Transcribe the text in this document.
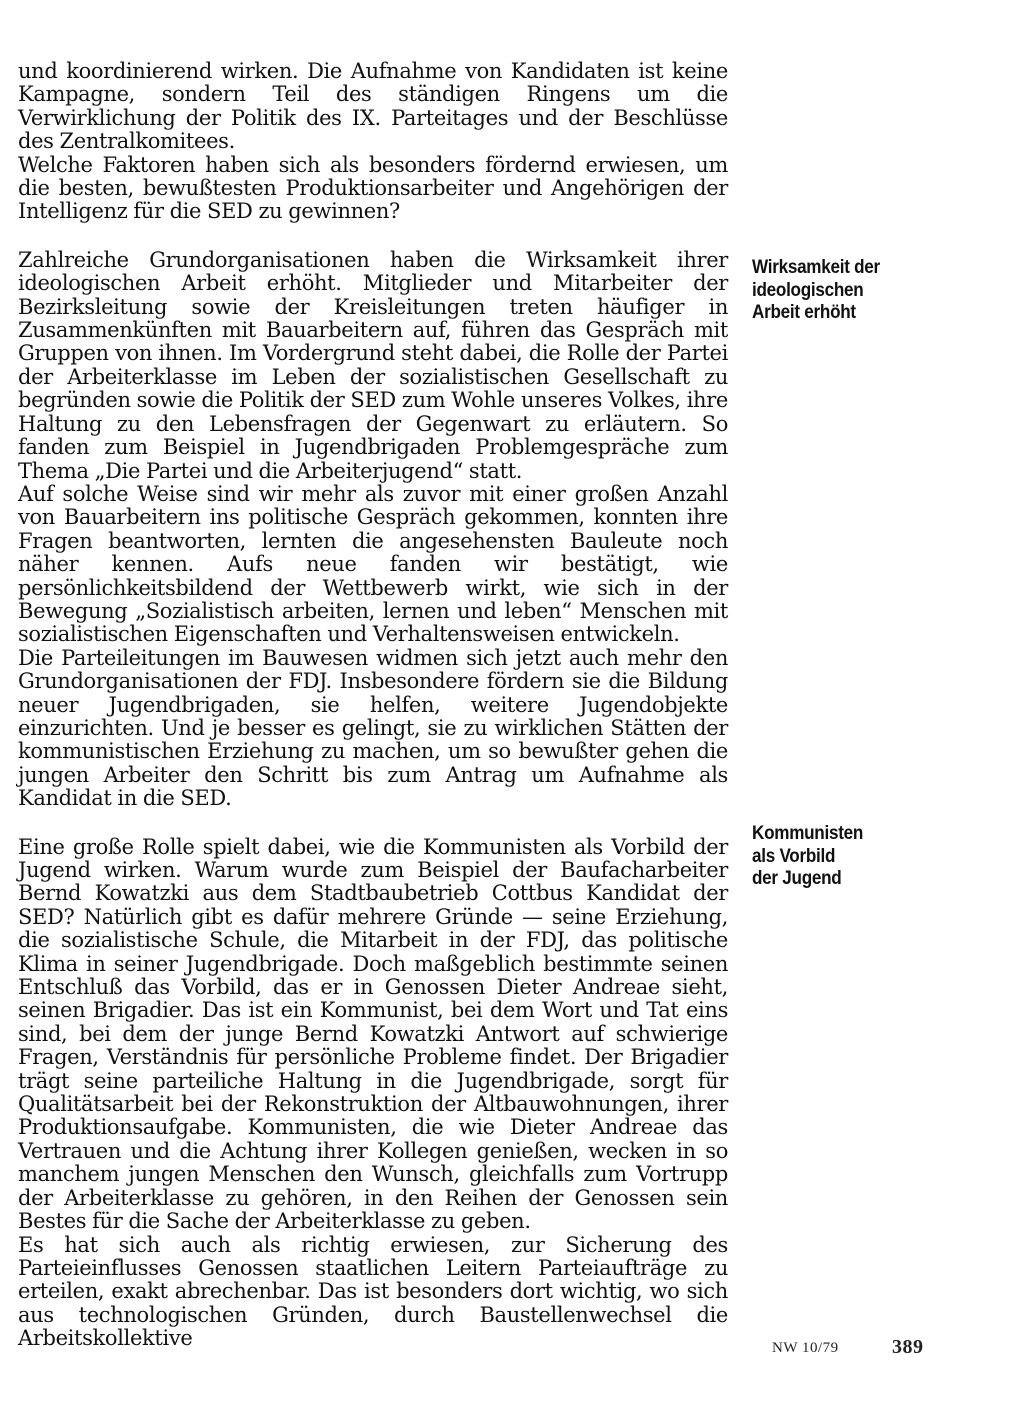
und koordinierend wirken. Die Aufnahme von Kandidaten ist keine Kampagne, sondern Teil des ständigen Ringens um die Verwirklichung der Politik des IX. Parteitages und der Beschlüsse des Zentralkomitees.

Welche Faktoren haben sich als besonders fördernd erwiesen, um die besten, bewußtesten Produktionsarbeiter und Angehörigen der Intelligenz für die SED zu gewinnen?

Zahlreiche Grundorganisationen haben die Wirksamkeit ihrer ideologischen Arbeit erhöht. Mitglieder und Mitarbeiter der Bezirksleitung sowie der Kreisleitungen treten häufiger in Zusammenkünften mit Bauarbeitern auf, führen das Gespräch mit Gruppen von ihnen. Im Vordergrund steht dabei, die Rolle der Partei der Arbeiterklasse im Leben der sozialistischen Gesellschaft zu begründen sowie die Politik der SED zum Wohle unseres Volkes, ihre Haltung zu den Lebensfragen der Gegenwart zu erläutern. So fanden zum Beispiel in Jugendbrigaden Problemgespräche zum Thema „Die Partei und die Arbeiterjugend“ statt.

Auf solche Weise sind wir mehr als zuvor mit einer großen Anzahl von Bauarbeitern ins politische Gespräch gekommen, konnten ihre Fragen beantworten, lernten die angesehensten Bauleute noch näher kennen. Aufs neue fanden wir bestätigt, wie persönlichkeitsbildend der Wettbewerb wirkt, wie sich in der Bewegung „Sozialistisch arbeiten, lernen und leben“ Menschen mit sozialistischen Eigenschaften und Verhaltensweisen entwickeln.

Die Parteileitungen im Bauwesen widmen sich jetzt auch mehr den Grundorganisationen der FDJ. Insbesondere fördern sie die Bildung neuer Jugendbrigaden, sie helfen, weitere Jugendobjekte einzurichten. Und je besser es gelingt, sie zu wirklichen Stätten der kommunistischen Erziehung zu machen, um so bewußter gehen die jungen Arbeiter den Schritt bis zum Antrag um Aufnahme als Kandidat in die SED.

Eine große Rolle spielt dabei, wie die Kommunisten als Vorbild der Jugend wirken. Warum wurde zum Beispiel der Baufacharbeiter Bernd Kowatzki aus dem Stadtbaubetrieb Cottbus Kandidat der SED? Natürlich gibt es dafür mehrere Gründe — seine Erziehung, die sozialistische Schule, die Mitarbeit in der FDJ, das politische Klima in seiner Jugendbrigade. Doch maßgeblich bestimmte seinen Entschluß das Vorbild, das er in Genossen Dieter Andreae sieht, seinen Brigadier. Das ist ein Kommunist, bei dem Wort und Tat eins sind, bei dem der junge Bernd Kowatzki Antwort auf schwierige Fragen, Verständnis für persönliche Probleme findet. Der Brigadier trägt seine parteiliche Haltung in die Jugendbrigade, sorgt für Qualitätsarbeit bei der Rekonstruktion der Altbauwohnungen, ihrer Produktionsaufgabe. Kommunisten, die wie Dieter Andreae das Vertrauen und die Achtung ihrer Kollegen genießen, wecken in so manchem jungen Menschen den Wunsch, gleichfalls zum Vortrupp der Arbeiterklasse zu gehören, in den Reihen der Genossen sein Bestes für die Sache der Arbeiterklasse zu geben.

Es hat sich auch als richtig erwiesen, zur Sicherung des Parteieinflusses Genossen staatlichen Leitern Parteiaufträge zu erteilen, exakt abrechenbar. Das ist besonders dort wichtig, wo sich aus technologischen Gründen, durch Baustellenwechsel die Arbeitskollektive

Wirksamkeit der
ideologischen
Arbeit erhöht
Kommunisten
als Vorbild
der Jugend
NW 10/79	389
